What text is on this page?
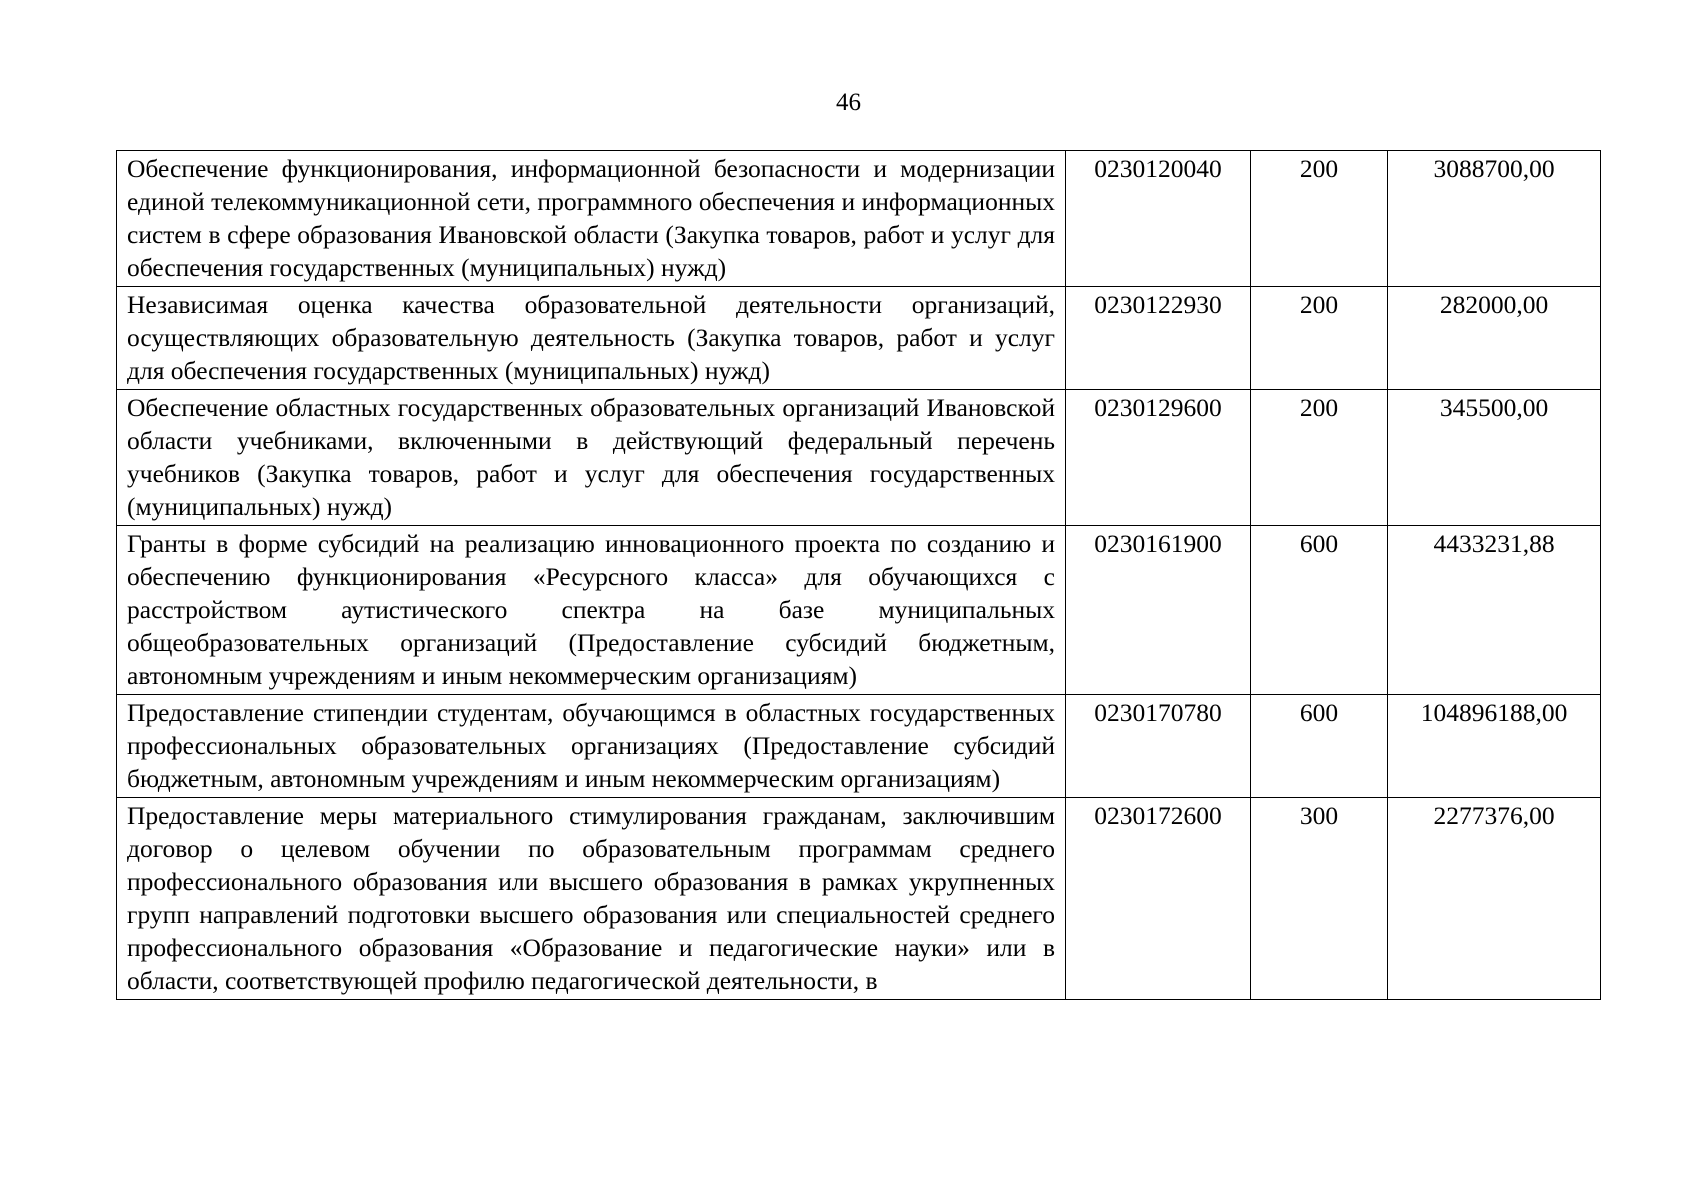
46
Обеспечение функционирования, информационной безопасности и модернизации единой телекоммуникационной сети, программного обеспечения и информационных систем в сфере образования Ивановской области (Закупка товаров, работ и услуг для обеспечения государственных (муниципальных) нужд)	0230120040	200	3088700,00
Независимая оценка качества образовательной деятельности организаций, осуществляющих образовательную деятельность (Закупка товаров, работ и услуг для обеспечения государственных (муниципальных) нужд)	0230122930	200	282000,00
Обеспечение областных государственных образовательных организаций Ивановской области учебниками, включенными в действующий федеральный перечень учебников (Закупка товаров, работ и услуг для обеспечения государственных (муниципальных) нужд)	0230129600	200	345500,00
Гранты в форме субсидий на реализацию инновационного проекта по созданию и обеспечению функционирования «Ресурсного класса» для обучающихся с расстройством аутистического спектра на базе муниципальных общеобразовательных организаций (Предоставление субсидий бюджетным, автономным учреждениям и иным некоммерческим организациям)	0230161900	600	4433231,88
Предоставление стипендии студентам, обучающимся в областных государственных профессиональных образовательных организациях (Предоставление субсидий бюджетным, автономным учреждениям и иным некоммерческим организациям)	0230170780	600	104896188,00
Предоставление меры материального стимулирования гражданам, заключившим договор о целевом обучении по образовательным программам среднего профессионального образования или высшего образования в рамках укрупненных групп направлений подготовки высшего образования или специальностей среднего профессионального образования «Образование и педагогические науки» или в области, соответствующей профилю педагогической деятельности, в	0230172600	300	2277376,00
